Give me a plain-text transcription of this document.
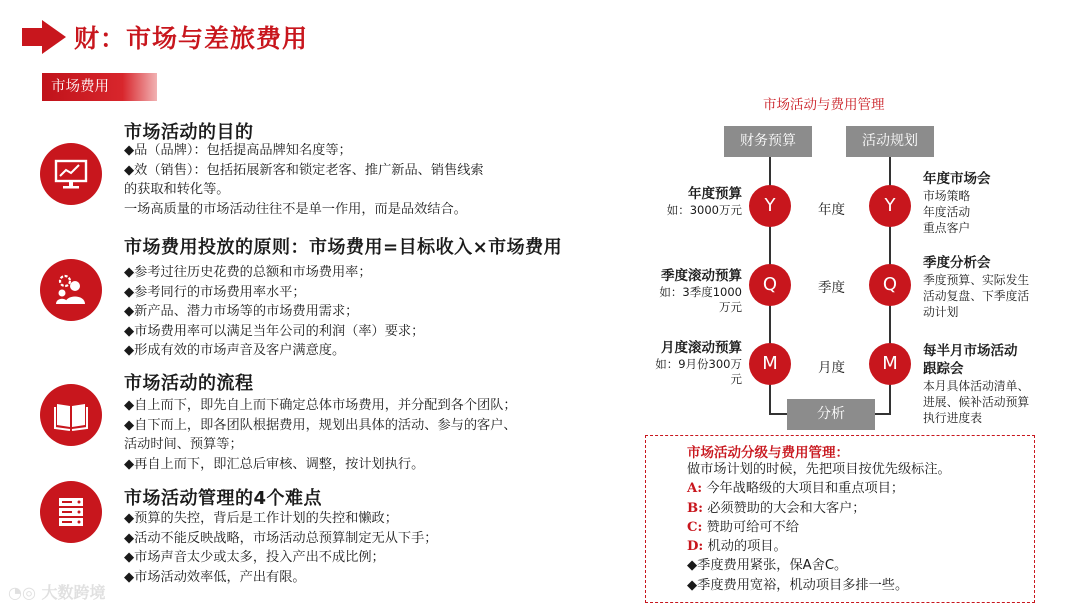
财：市场与差旅费用
市场费用
市场活动的目的
◆品（品牌）：包括提高品牌知名度等；
◆效（销售）：包括拓展新客和锁定老客、推广新品、销售线索
的获取和转化等。
一场高质量的市场活动往往不是单一作用，而是品效结合。
市场费用投放的原则：市场费用=目标收入×市场费用
◆参考过往历史花费的总额和市场费用率；
◆参考同行的市场费用率水平；
◆新产品、潜力市场等的市场费用需求；
◆市场费用率可以满足当年公司的利润（率）要求；
◆形成有效的市场声音及客户满意度。
市场活动的流程
◆自上而下，即先自上而下确定总体市场费用，并分配到各个团队；
◆自下而上，即各团队根据费用，规划出具体的活动、参与的客户、
活动时间、预算等；
◆再自上而下，即汇总后审核、调整，按计划执行。
市场活动管理的4个难点
◆预算的失控，背后是工作计划的失控和懒政；
◆活动不能反映战略，市场活动总预算制定无从下手；
◆市场声音太少或太多，投入产出不成比例；
◆市场活动效率低，产出有限。
市场活动与费用管理
财务预算	活动规划
分析
Y	Y
年度
年度预算
如：3000万元
年度市场会
市场策略
年度活动
重点客户
Q	Q
季度
季度滚动预算
如：3季度1000
万元
季度分析会
季度预算、实际发生
活动复盘、下季度活
动计划
M	M
月度
月度滚动预算
如：9月份300万
元
每半月市场活动
跟踪会
本月具体活动清单、
进展、候补活动预算
执行进度表
市场活动分级与费用管理：
做市场计划的时候，先把项目按优先级标注。
A: 今年战略级的大项目和重点项目；
B: 必须赞助的大会和大客户；
C: 赞助可给可不给
D: 机动的项目。
◆季度费用紧张，保A舍C。
◆季度费用宽裕，机动项目多排一些。
◔◎ 大数跨境
